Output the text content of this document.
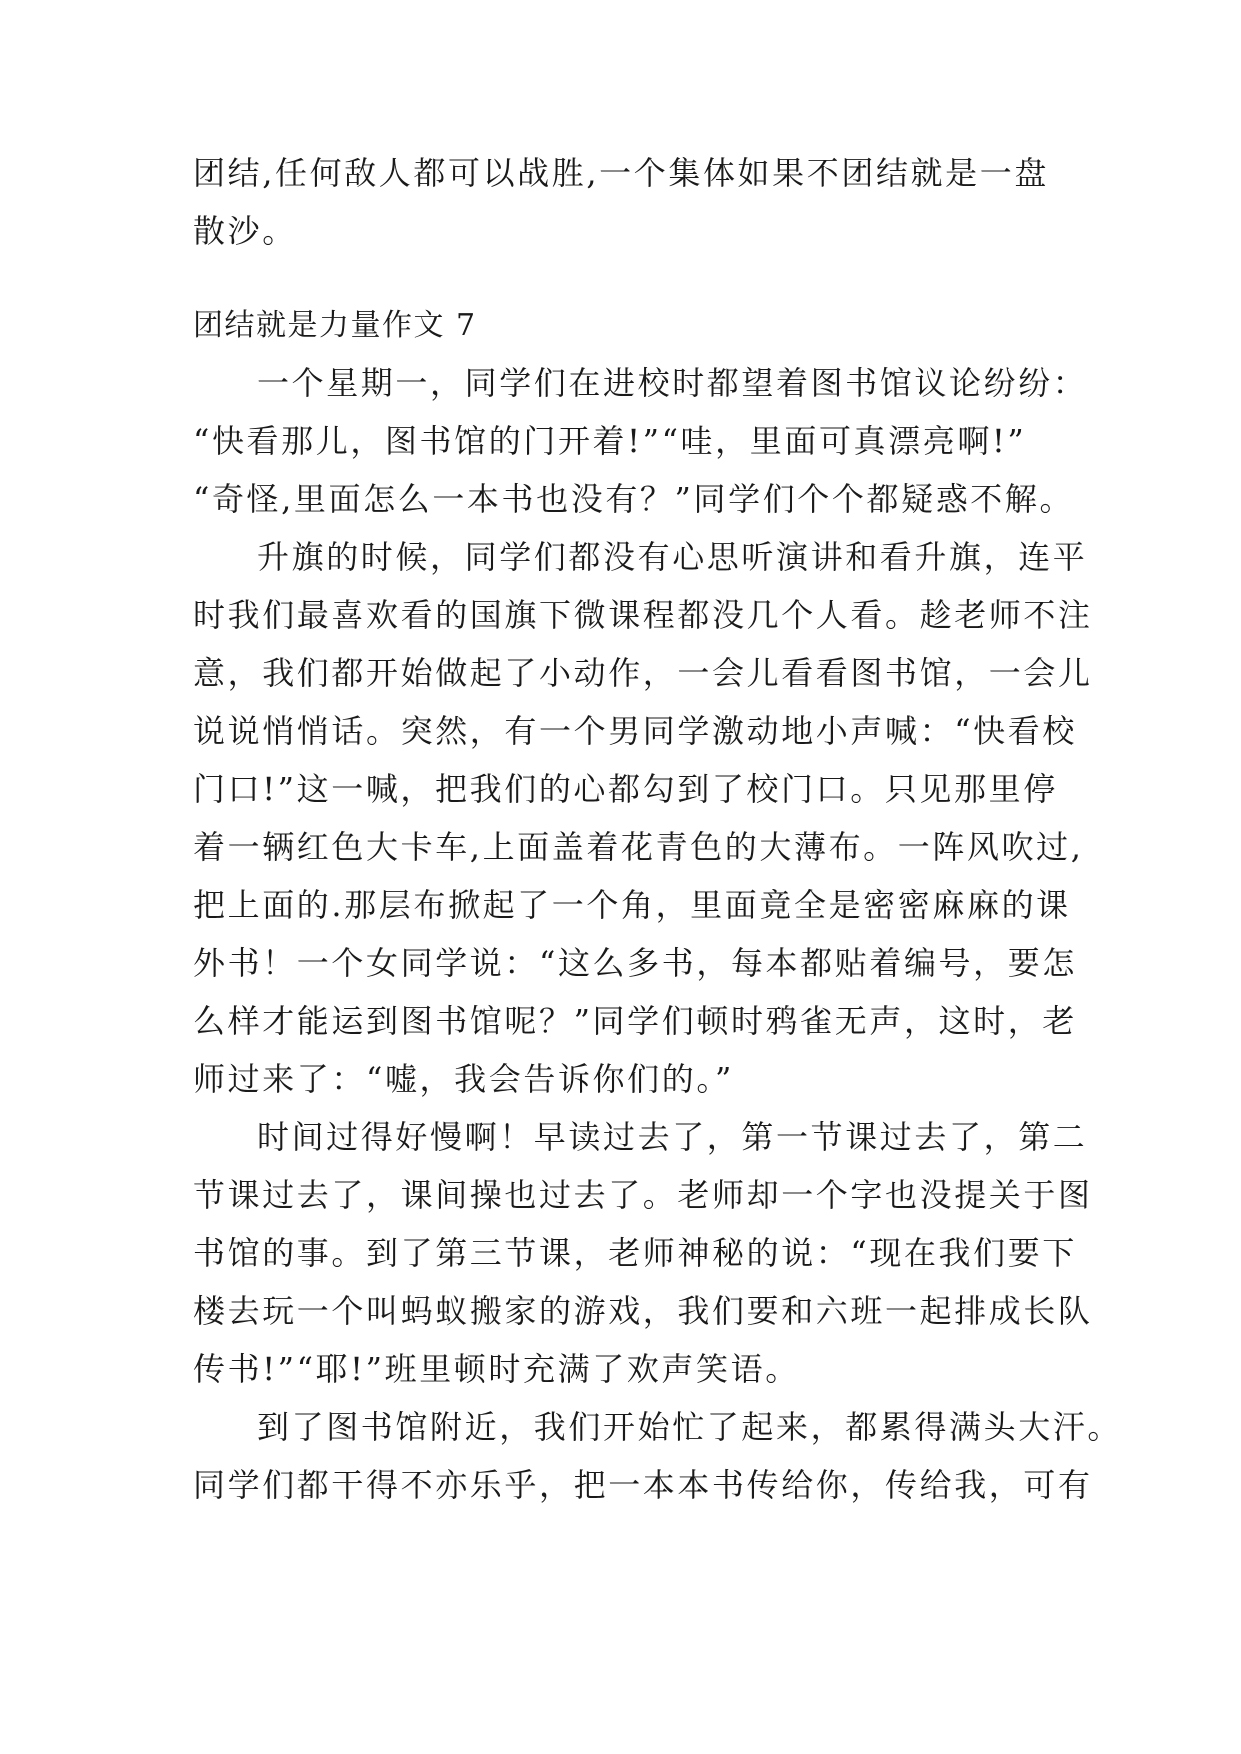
团结,任何敌人都可以战胜,一个集体如果不团结就是一盘
散沙。
团结就是力量作文 7
一个星期一，同学们在进校时都望着图书馆议论纷纷：
“快看那儿，图书馆的门开着!”“哇，里面可真漂亮啊!”
“奇怪,里面怎么一本书也没有？”同学们个个都疑惑不解。
升旗的时候，同学们都没有心思听演讲和看升旗，连平
时我们最喜欢看的国旗下微课程都没几个人看。趁老师不注
意，我们都开始做起了小动作，一会儿看看图书馆，一会儿
说说悄悄话。突然，有一个男同学激动地小声喊：“快看校
门口!”这一喊，把我们的心都勾到了校门口。只见那里停
着一辆红色大卡车,上面盖着花青色的大薄布。一阵风吹过,
把上面的.那层布掀起了一个角，里面竟全是密密麻麻的课
外书！一个女同学说：“这么多书，每本都贴着编号，要怎
么样才能运到图书馆呢？”同学们顿时鸦雀无声，这时，老
师过来了：“嘘，我会告诉你们的。”
时间过得好慢啊！早读过去了，第一节课过去了，第二
节课过去了，课间操也过去了。老师却一个字也没提关于图
书馆的事。到了第三节课，老师神秘的说：“现在我们要下
楼去玩一个叫蚂蚁搬家的游戏，我们要和六班一起排成长队
传书!”“耶!”班里顿时充满了欢声笑语。
到了图书馆附近，我们开始忙了起来，都累得满头大汗。
同学们都干得不亦乐乎，把一本本书传给你，传给我，可有
